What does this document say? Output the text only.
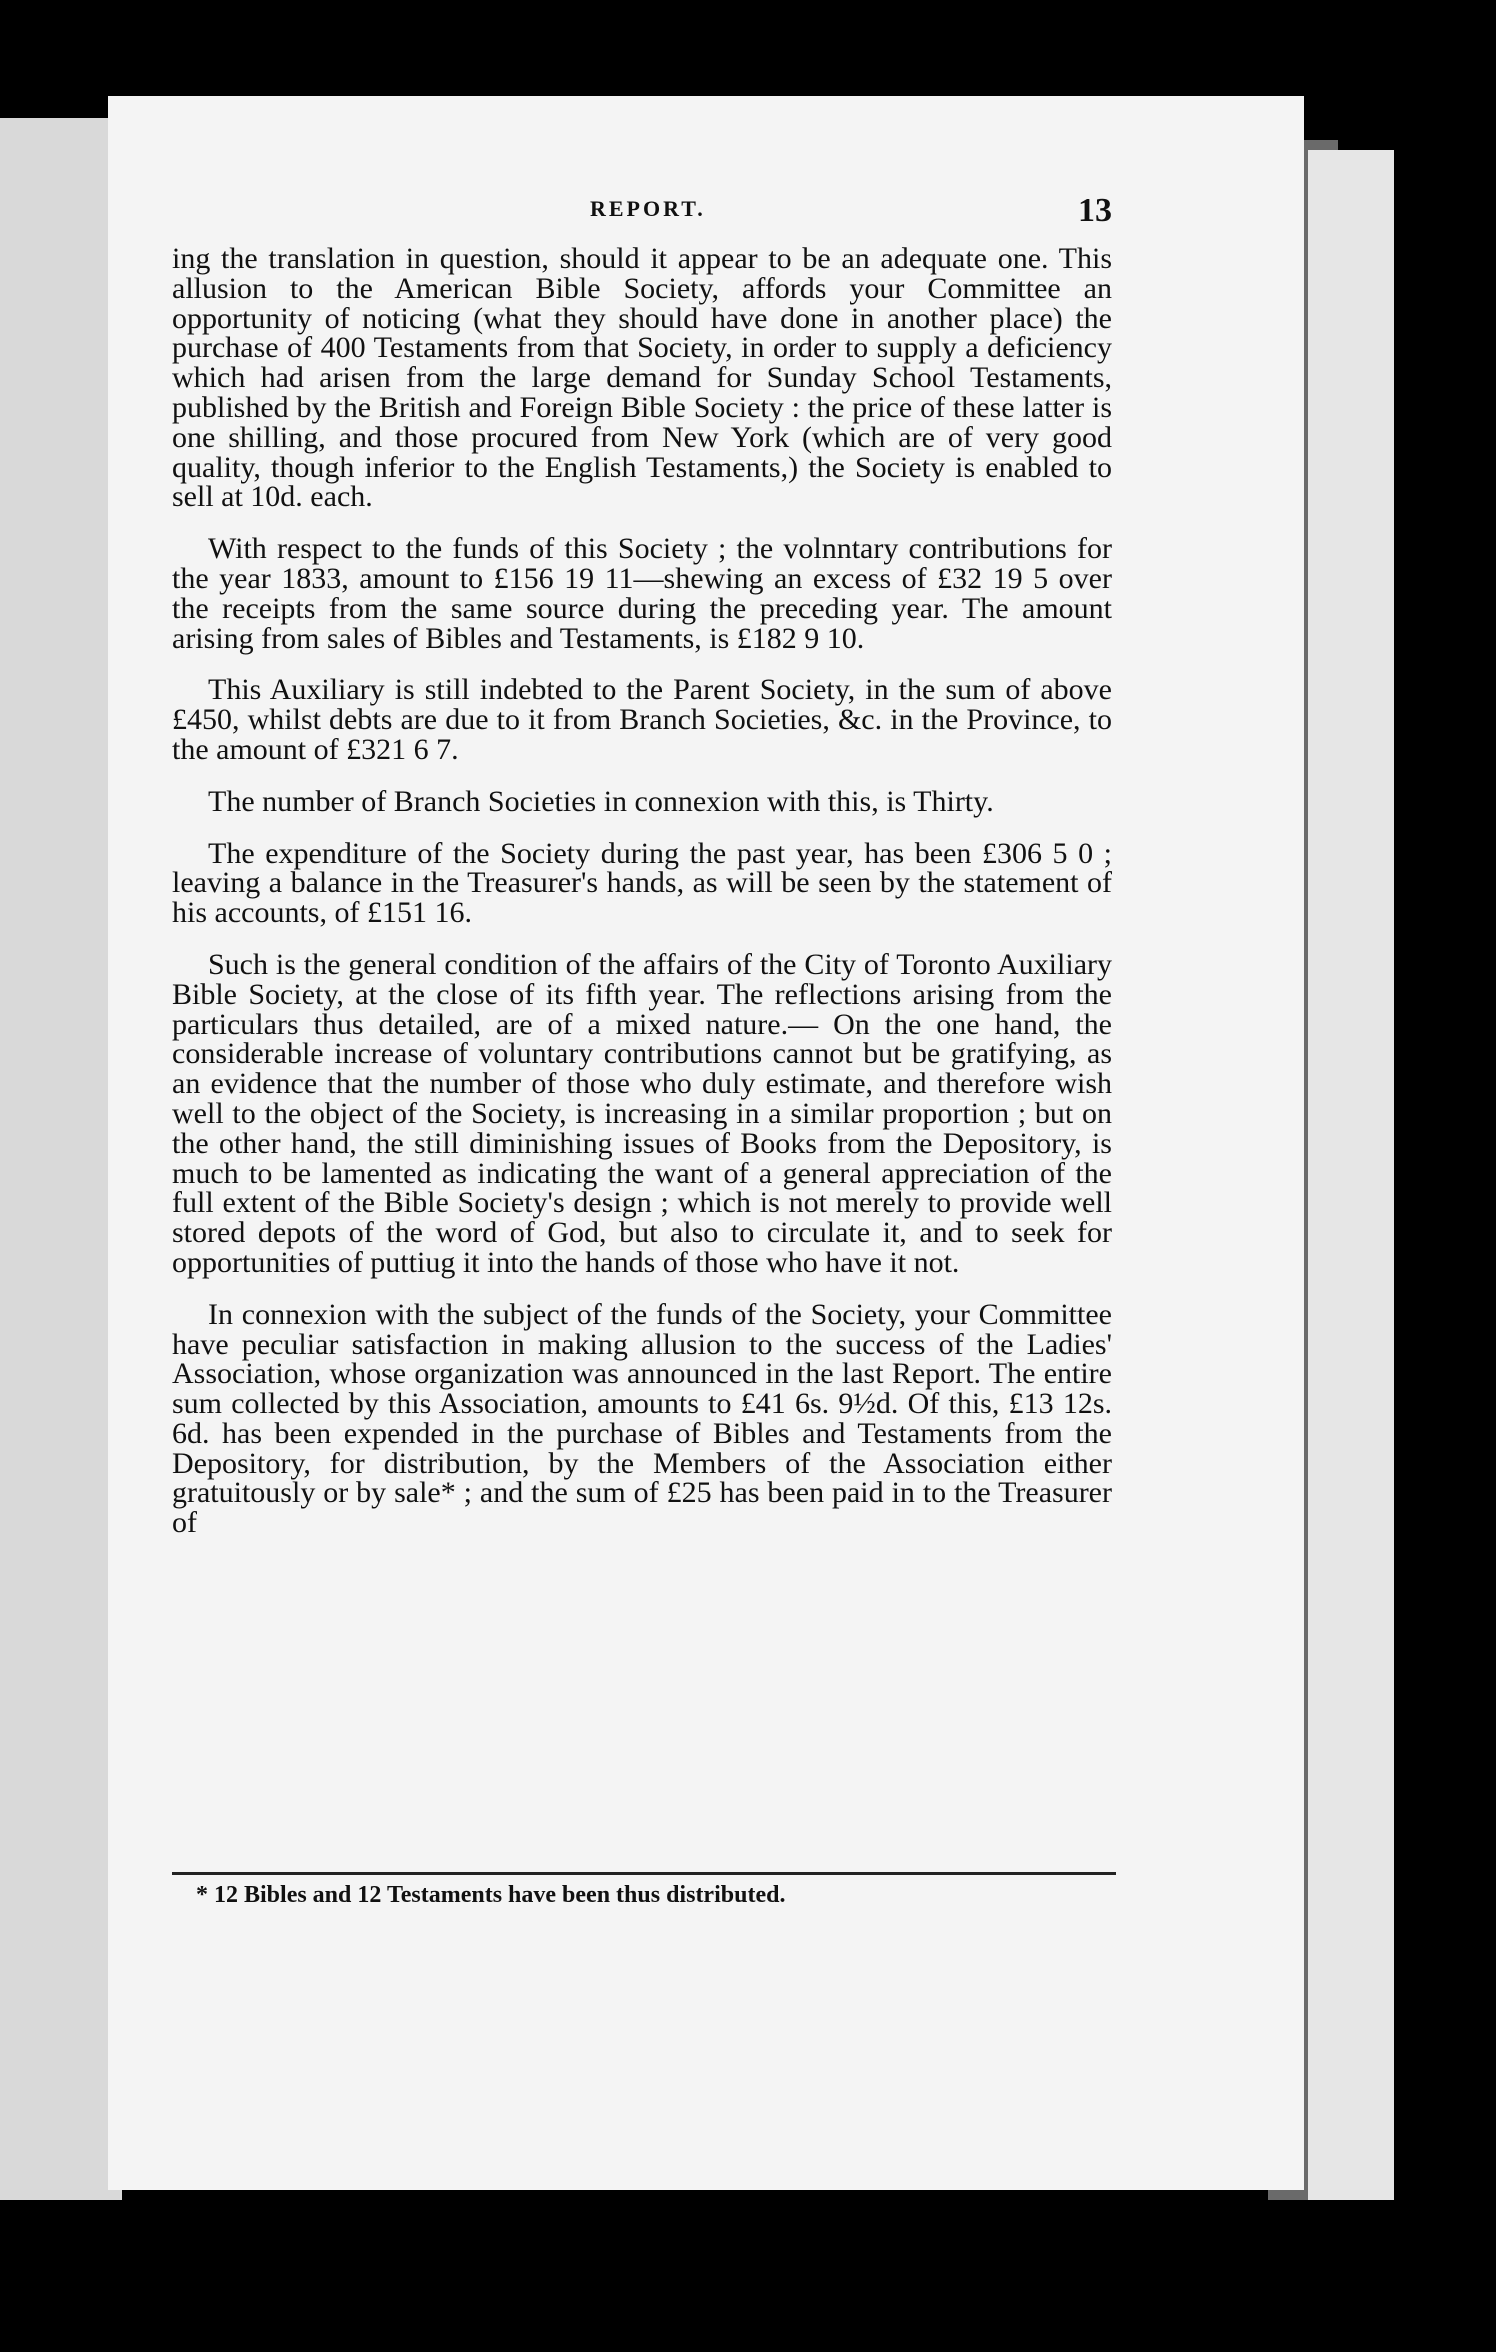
REPORT.	13

ing the translation in question, should it appear to be an adequate one. This allusion to the American Bible Society, affords your Committee an opportunity of noticing (what they should have done in another place) the purchase of 400 Testaments from that Society, in order to supply a deficiency which had arisen from the large demand for Sunday School Testaments, published by the British and Foreign Bible Society : the price of these latter is one shilling, and those procured from New York (which are of very good quality, though inferior to the English Testaments,) the Society is enabled to sell at 10d. each.

With respect to the funds of this Society ; the volnntary contributions for the year 1833, amount to £156 19 11—shewing an excess of £32 19 5 over the receipts from the same source during the preceding year. The amount arising from sales of Bibles and Testaments, is £182 9 10.

This Auxiliary is still indebted to the Parent Society, in the sum of above £450, whilst debts are due to it from Branch Societies, &c. in the Province, to the amount of £321 6 7.

The number of Branch Societies in connexion with this, is Thirty.

The expenditure of the Society during the past year, has been £306 5 0 ; leaving a balance in the Treasurer's hands, as will be seen by the statement of his accounts, of £151 16.

Such is the general condition of the affairs of the City of Toronto Auxiliary Bible Society, at the close of its fifth year. The reflections arising from the particulars thus detailed, are of a mixed nature.— On the one hand, the considerable increase of voluntary contributions cannot but be gratifying, as an evidence that the number of those who duly estimate, and therefore wish well to the object of the Society, is increasing in a similar proportion ; but on the other hand, the still diminishing issues of Books from the Depository, is much to be lamented as indicating the want of a general appreciation of the full extent of the Bible Society's design ; which is not merely to provide well stored depots of the word of God, but also to circulate it, and to seek for opportunities of puttiug it into the hands of those who have it not.

In connexion with the subject of the funds of the Society, your Committee have peculiar satisfaction in making allusion to the success of the Ladies' Association, whose organization was announced in the last Report. The entire sum collected by this Association, amounts to £41 6s. 9½d. Of this, £13 12s. 6d. has been expended in the purchase of Bibles and Testaments from the Depository, for distribution, by the Members of the Association either gratuitously or by sale* ; and the sum of £25 has been paid in to the Treasurer of

* 12 Bibles and 12 Testaments have been thus distributed.
